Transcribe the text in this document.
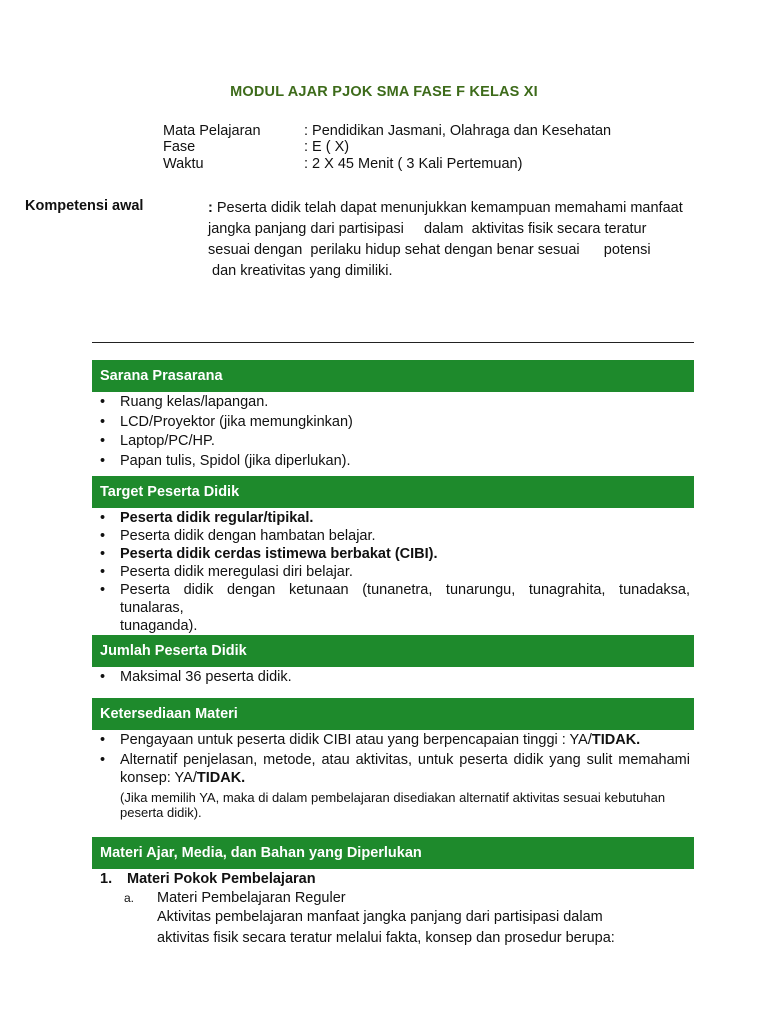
MODUL AJAR PJOK SMA FASE F KELAS XI
Mata Pelajaran	: Pendidikan Jasmani, Olahraga dan Kesehatan
Fase	: E ( X)
Waktu	: 2 X 45 Menit ( 3 Kali Pertemuan)
Kompetensi awal	: Peserta didik telah dapat menunjukkan kemampuan memahami manfaat
jangka panjang dari partisipasi     dalam  aktivitas fisik secara teratur
sesuai dengan  perilaku hidup sehat dengan benar sesuai      potensi
dan kreativitas yang dimiliki.
Sarana Prasarana
•	Ruang kelas/lapangan.
•	LCD/Proyektor (jika memungkinkan)
•	Laptop/PC/HP.
•	Papan tulis, Spidol (jika diperlukan).
Target Peserta Didik
•	Peserta didik regular/tipikal.
•	Peserta didik dengan hambatan belajar.
•	Peserta didik cerdas istimewa berbakat (CIBI).
•	Peserta didik meregulasi diri belajar.
•	Peserta didik dengan ketunaan (tunanetra, tunarungu, tunagrahita, tunadaksa, tunalaras,
tunaganda).
Jumlah Peserta Didik
•	Maksimal 36 peserta didik.
Ketersediaan Materi
•	Pengayaan untuk peserta didik CIBI atau yang berpencapaian tinggi : YA/TIDAK.
•	Alternatif penjelasan, metode, atau aktivitas, untuk peserta didik yang sulit memahami konsep: YA/TIDAK.
(Jika memilih YA, maka di dalam pembelajaran disediakan alternatif aktivitas sesuai kebutuhan
peserta didik).
Materi Ajar, Media, dan Bahan yang Diperlukan
1. Materi Pokok Pembelajaran
a. Materi Pembelajaran Reguler
Aktivitas pembelajaran manfaat jangka panjang dari partisipasi dalam
aktivitas fisik secara teratur melalui fakta, konsep dan prosedur berupa:
